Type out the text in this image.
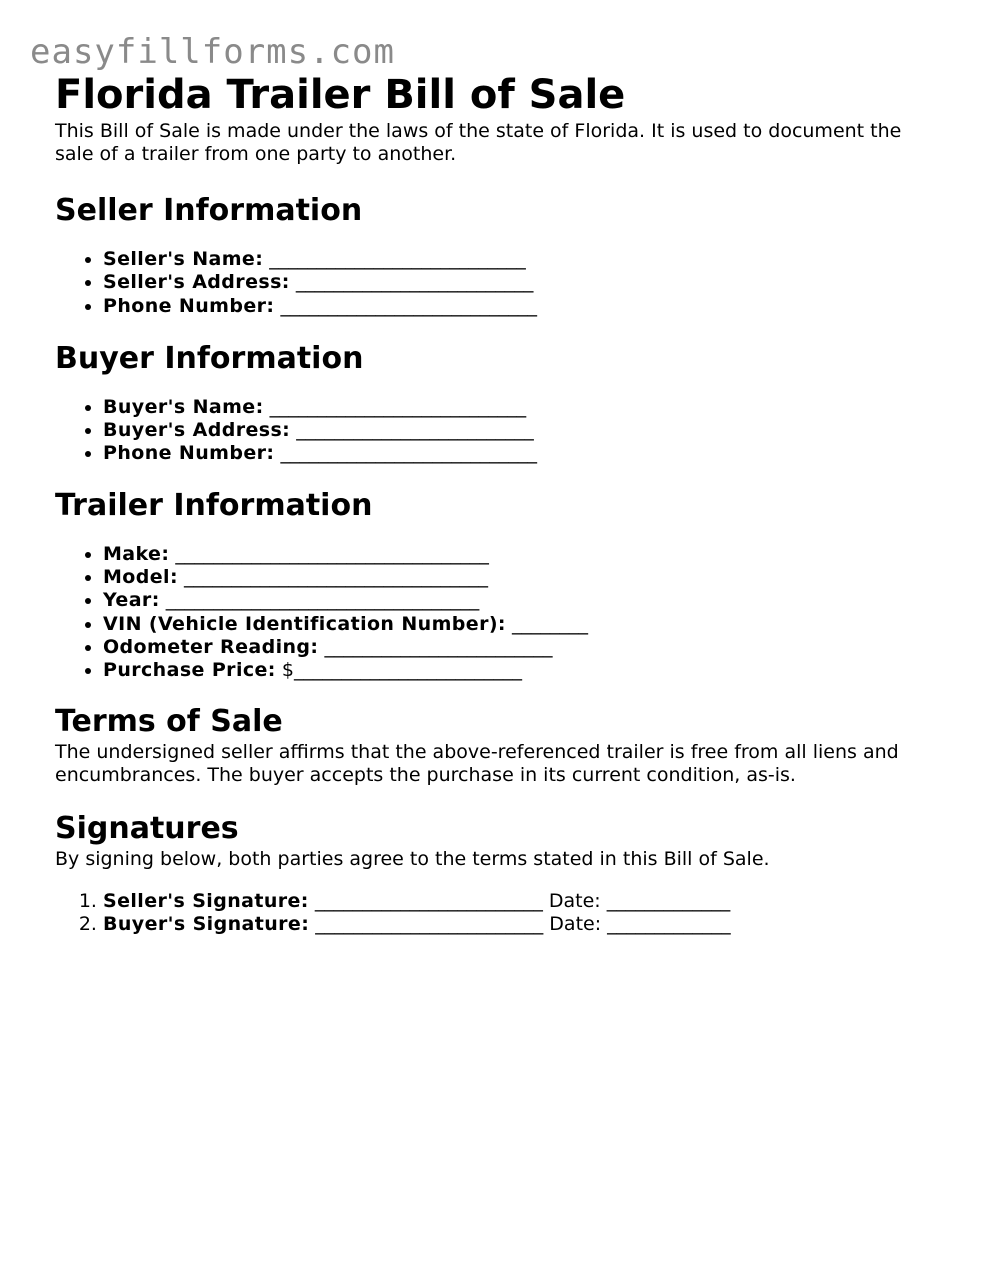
easyfillforms.com
Florida Trailer Bill of Sale

This Bill of Sale is made under the laws of the state of Florida. It is used to document the sale of a trailer from one party to another.

Seller Information
• Seller's Name: ___________________________
• Seller's Address: _________________________
• Phone Number: ___________________________
Buyer Information
• Buyer's Name: ___________________________
• Buyer's Address: _________________________
• Phone Number: ___________________________
Trailer Information
• Make: _________________________________
• Model: ________________________________
• Year: _________________________________
• VIN (Vehicle Identification Number): ________
• Odometer Reading: ________________________
• Purchase Price: $________________________
Terms of Sale

The undersigned seller affirms that the above-referenced trailer is free from all liens and encumbrances. The buyer accepts the purchase in its current condition, as-is.

Signatures

By signing below, both parties agree to the terms stated in this Bill of Sale.

1. Seller's Signature: ________________________ Date: _____________
2. Buyer's Signature: ________________________ Date: _____________
